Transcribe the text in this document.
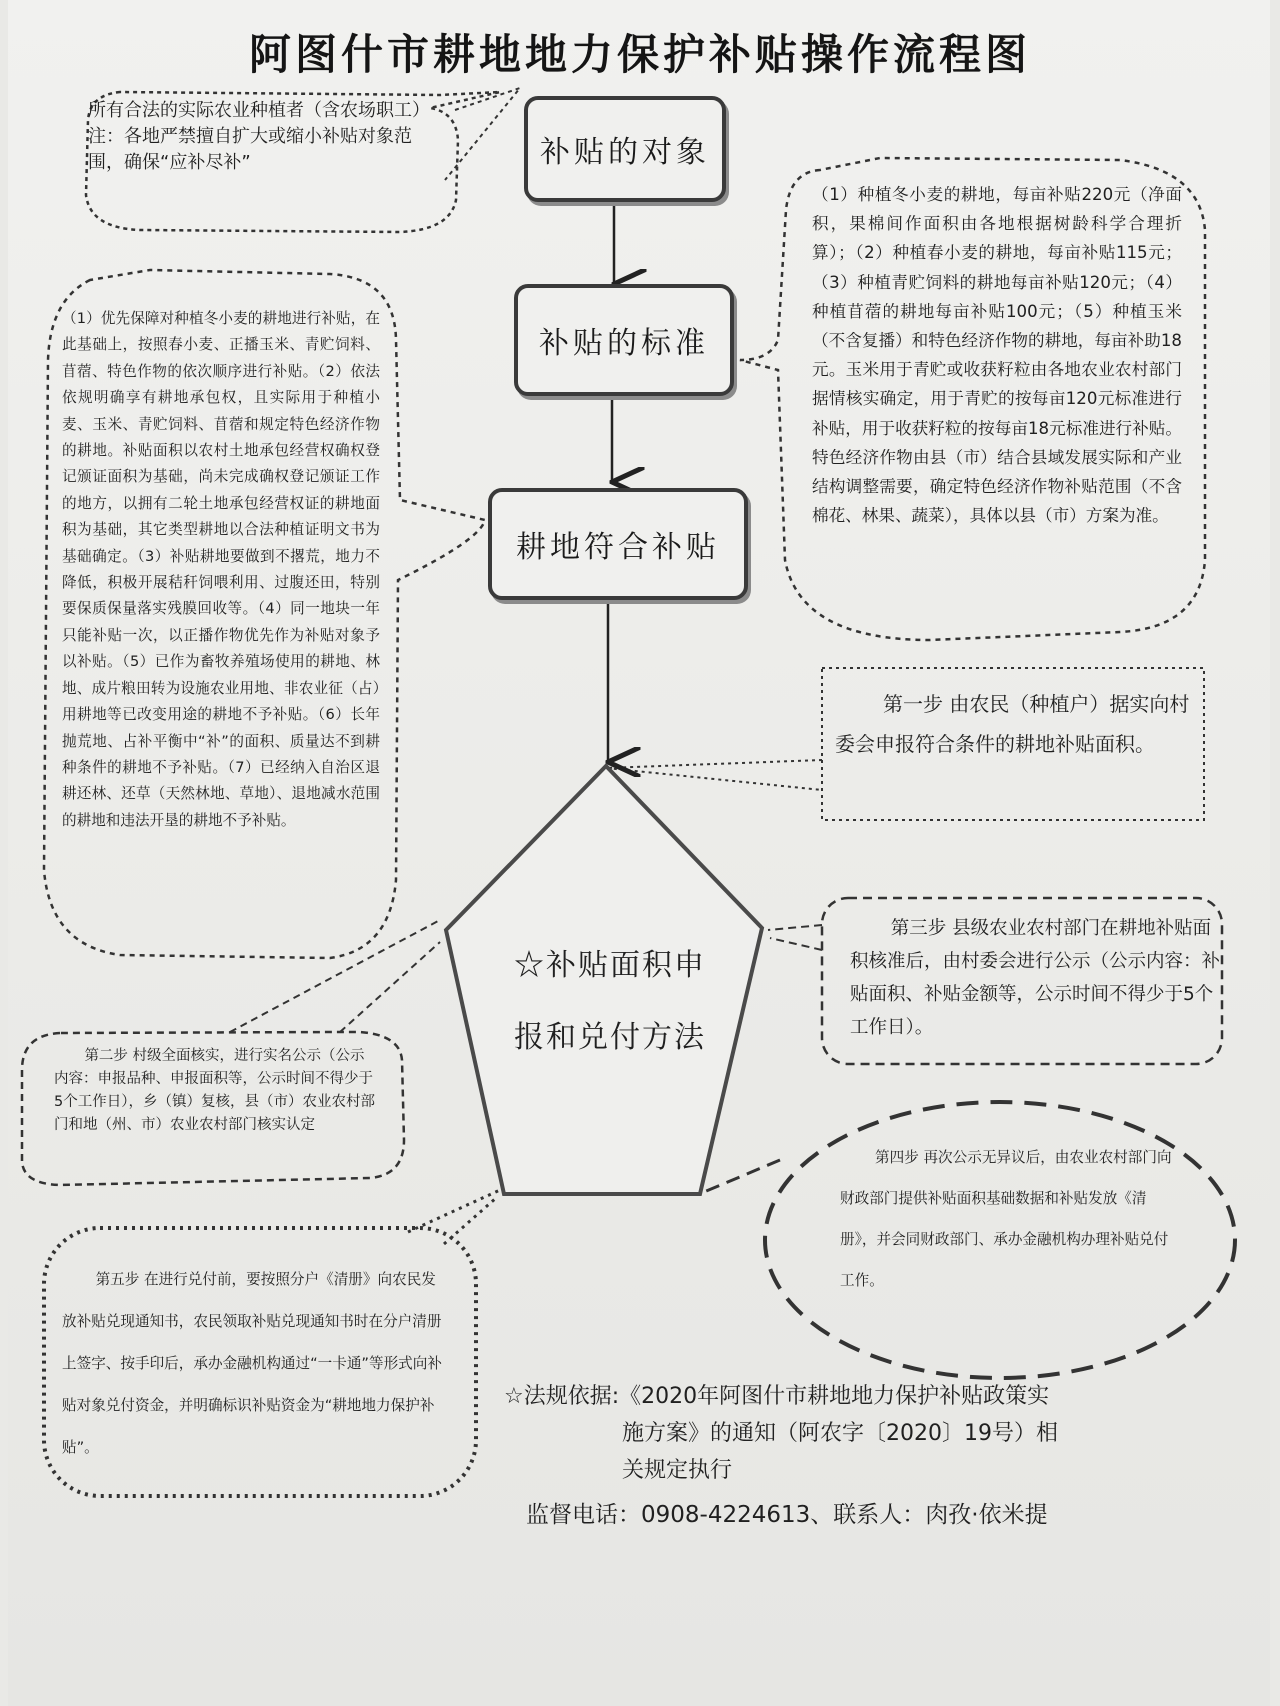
阿图什市耕地地力保护补贴操作流程图
补贴的对象
补贴的标准
耕地符合补贴
☆补贴面积申报和兑付方法
所有合法的实际农业种植者（含农场职工）
注：各地严禁擅自扩大或缩小补贴对象范围，确保“应补尽补”
（1）优先保障对种植冬小麦的耕地进行补贴，在此基础上，按照春小麦、正播玉米、青贮饲料、苜蓿、特色作物的依次顺序进行补贴。（2）依法依规明确享有耕地承包权，且实际用于种植小麦、玉米、青贮饲料、苜蓿和规定特色经济作物的耕地。补贴面积以农村土地承包经营权确权登记颁证面积为基础，尚未完成确权登记颁证工作的地方，以拥有二轮土地承包经营权证的耕地面积为基础，其它类型耕地以合法种植证明文书为基础确定。（3）补贴耕地要做到不撂荒，地力不降低，积极开展秸秆饲喂利用、过腹还田，特别要保质保量落实残膜回收等。（4）同一地块一年只能补贴一次，以正播作物优先作为补贴对象予以补贴。（5）已作为畜牧养殖场使用的耕地、林地、成片粮田转为设施农业用地、非农业征（占）用耕地等已改变用途的耕地不予补贴。（6）长年抛荒地、占补平衡中“补”的面积、质量达不到耕种条件的耕地不予补贴。（7）已经纳入自治区退耕还林、还草（天然林地、草地）、退地减水范围的耕地和违法开垦的耕地不予补贴。
（1）种植冬小麦的耕地，每亩补贴220元（净面积，果棉间作面积由各地根据树龄科学合理折算）；（2）种植春小麦的耕地，每亩补贴115元；（3）种植青贮饲料的耕地每亩补贴120元；（4）种植苜蓿的耕地每亩补贴100元；（5）种植玉米（不含复播）和特色经济作物的耕地，每亩补助18元。玉米用于青贮或收获籽粒由各地农业农村部门据情核实确定，用于青贮的按每亩120元标准进行补贴，用于收获籽粒的按每亩18元标准进行补贴。特色经济作物由县（市）结合县域发展实际和产业结构调整需要，确定特色经济作物补贴范围（不含棉花、林果、蔬菜），具体以县（市）方案为准。
第一步 由农民（种植户）据实向村委会申报符合条件的耕地补贴面积。
第二步 村级全面核实，进行实名公示（公示内容：申报品种、申报面积等，公示时间不得少于5个工作日），乡（镇）复核，县（市）农业农村部门和地（州、市）农业农村部门核实认定
第三步 县级农业农村部门在耕地补贴面积核准后，由村委会进行公示（公示内容：补贴面积、补贴金额等，公示时间不得少于5个工作日）。
第四步 再次公示无异议后，由农业农村部门向财政部门提供补贴面积基础数据和补贴发放《清册》，并会同财政部门、承办金融机构办理补贴兑付工作。
第五步 在进行兑付前，要按照分户《清册》向农民发放补贴兑现通知书，农民领取补贴兑现通知书时在分户清册上签字、按手印后，承办金融机构通过“一卡通”等形式向补贴对象兑付资金，并明确标识补贴资金为“耕地地力保护补贴”。
☆法规依据:《2020年阿图什市耕地地力保护补贴政策实
施方案》的通知（阿农字〔2020〕19号）相
关规定执行
监督电话：0908-4224613、联系人：肉孜·依米提
